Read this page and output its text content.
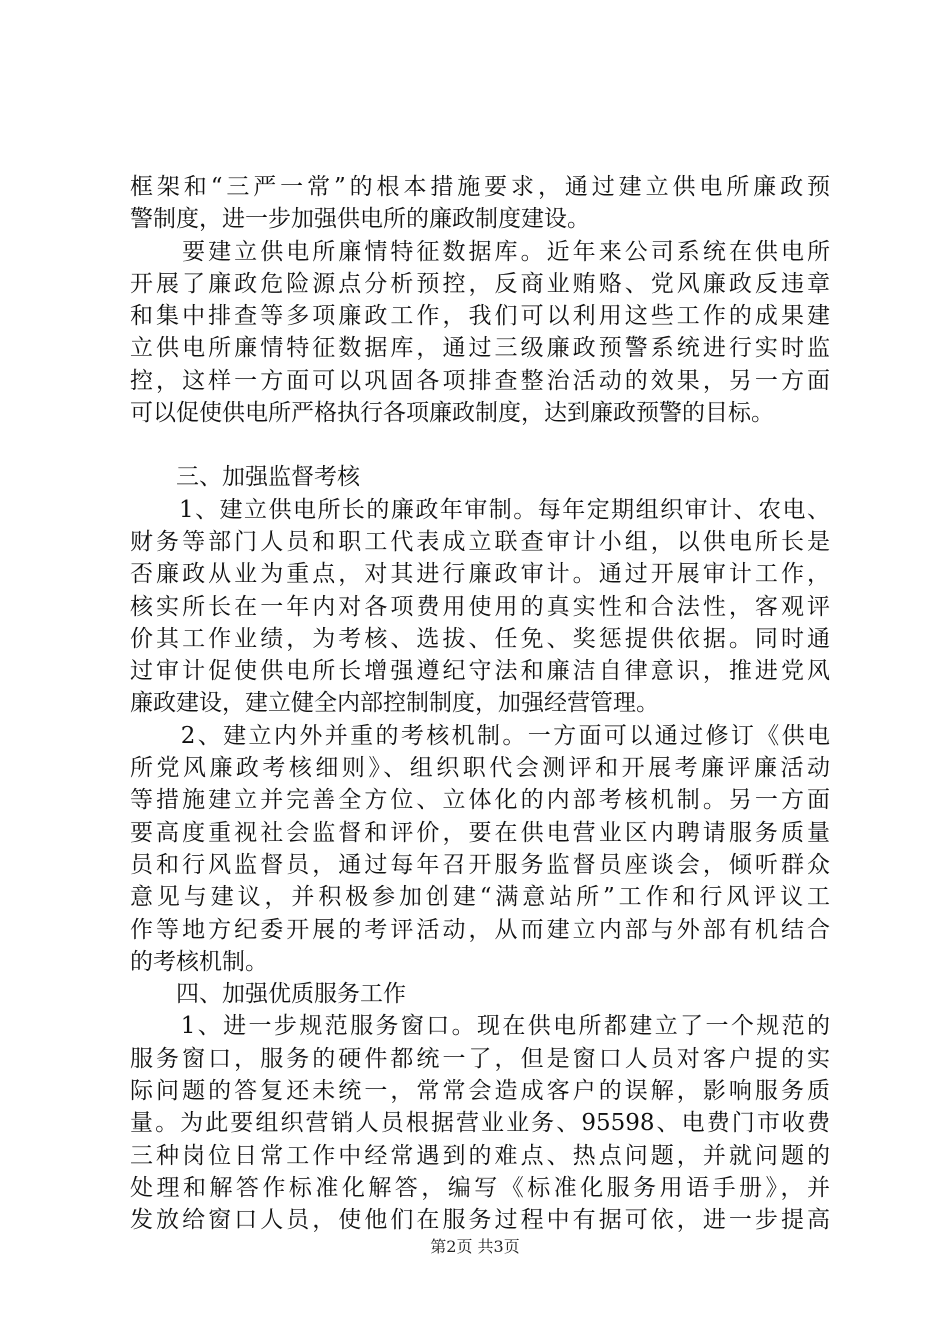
框架和“三严一常”的根本措施要求，通过建立供电所廉政预
警制度，进一步加强供电所的廉政制度建设。
　　要建立供电所廉情特征数据库。近年来公司系统在供电所
开展了廉政危险源点分析预控，反商业贿赂、党风廉政反违章
和集中排查等多项廉政工作，我们可以利用这些工作的成果建
立供电所廉情特征数据库，通过三级廉政预警系统进行实时监
控，这样一方面可以巩固各项排查整治活动的效果，另一方面
可以促使供电所严格执行各项廉政制度，达到廉政预警的目标。
　　三、加强监督考核
　　1、建立供电所长的廉政年审制。每年定期组织审计、农电、
财务等部门人员和职工代表成立联查审计小组，以供电所长是
否廉政从业为重点，对其进行廉政审计。通过开展审计工作，
核实所长在一年内对各项费用使用的真实性和合法性，客观评
价其工作业绩，为考核、选拔、任免、奖惩提供依据。同时通
过审计促使供电所长增强遵纪守法和廉洁自律意识，推进党风
廉政建设，建立健全内部控制制度，加强经营管理。
　　2、建立内外并重的考核机制。一方面可以通过修订《供电
所党风廉政考核细则》、组织职代会测评和开展考廉评廉活动
等措施建立并完善全方位、立体化的内部考核机制。另一方面
要高度重视社会监督和评价，要在供电营业区内聘请服务质量
员和行风监督员，通过每年召开服务监督员座谈会，倾听群众
意见与建议，并积极参加创建“满意站所”工作和行风评议工
作等地方纪委开展的考评活动，从而建立内部与外部有机结合
的考核机制。
　　四、加强优质服务工作
　　1、进一步规范服务窗口。现在供电所都建立了一个规范的
服务窗口，服务的硬件都统一了，但是窗口人员对客户提的实
际问题的答复还未统一，常常会造成客户的误解，影响服务质
量。为此要组织营销人员根据营业业务、95598、电费门市收费
三种岗位日常工作中经常遇到的难点、热点问题，并就问题的
处理和解答作标准化解答，编写《标准化服务用语手册》，并
发放给窗口人员，使他们在服务过程中有据可依，进一步提高
第2页 共3页
